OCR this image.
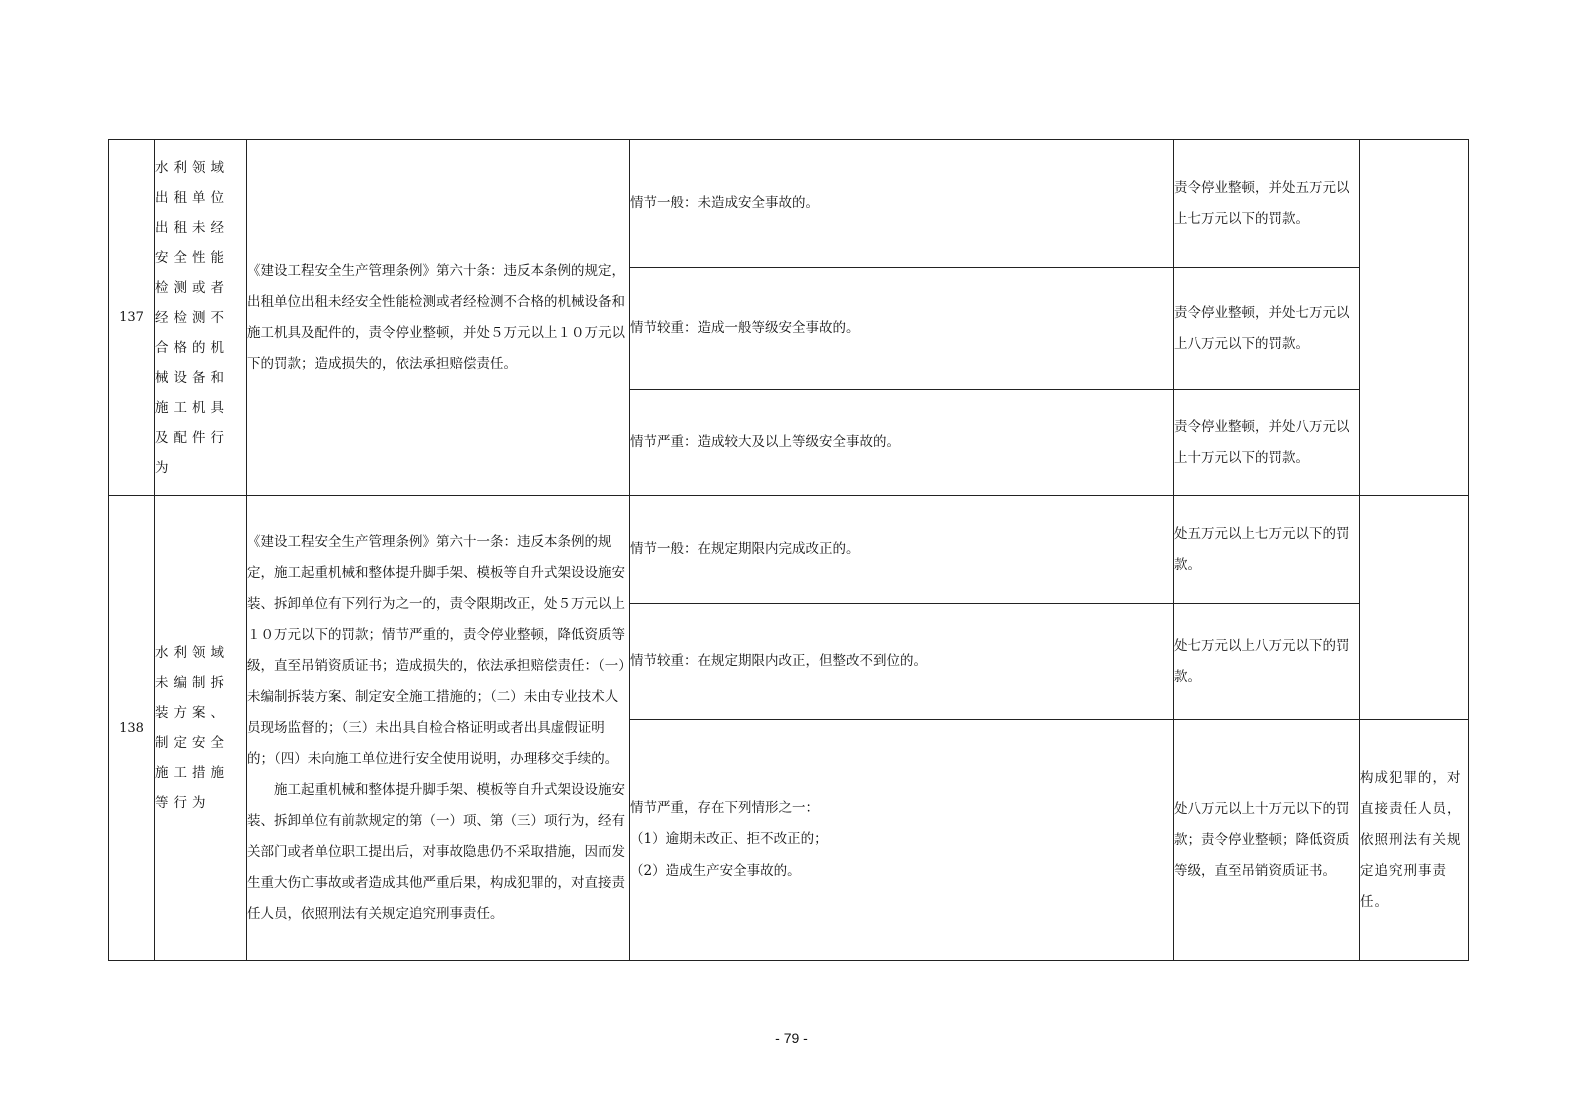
137	水利领域出租单位出租未经安全性能检测或者经检测不合格的机械设备和施工机具及配件行为	《建设工程安全生产管理条例》第六十条：违反本条例的规定，出租单位出租未经安全性能检测或者经检测不合格的机械设备和施工机具及配件的，责令停业整顿，并处５万元以上１０万元以下的罚款；造成损失的，依法承担赔偿责任。	情节一般：未造成安全事故的。	责令停业整顿，并处五万元以上七万元以下的罚款。	
			情节较重：造成一般等级安全事故的。	责令停业整顿，并处七万元以上八万元以下的罚款。	
			情节严重：造成较大及以上等级安全事故的。	责令停业整顿，并处八万元以上十万元以下的罚款。	
138	水利领域未编制拆装方案、制定安全施工措施等行为	《建设工程安全生产管理条例》第六十一条：违反本条例的规定，施工起重机械和整体提升脚手架、模板等自升式架设设施安装、拆卸单位有下列行为之一的，责令限期改正，处５万元以上１０万元以下的罚款；情节严重的，责令停业整顿，降低资质等级，直至吊销资质证书；造成损失的，依法承担赔偿责任：（一）未编制拆装方案、制定安全施工措施的；（二）未由专业技术人员现场监督的；（三）未出具自检合格证明或者出具虚假证明的；（四）未向施工单位进行安全使用说明，办理移交手续的。
施工起重机械和整体提升脚手架、模板等自升式架设设施安装、拆卸单位有前款规定的第（一）项、第（三）项行为，经有关部门或者单位职工提出后，对事故隐患仍不采取措施，因而发生重大伤亡事故或者造成其他严重后果，构成犯罪的，对直接责任人员，依照刑法有关规定追究刑事责任。	情节一般：在规定期限内完成改正的。	处五万元以上七万元以下的罚款。	
			情节较重：在规定期限内改正，但整改不到位的。	处七万元以上八万元以下的罚款。	
			情节严重，存在下列情形之一：
（1）逾期未改正、拒不改正的；
（2）造成生产安全事故的。	处八万元以上十万元以下的罚款；责令停业整顿；降低资质等级，直至吊销资质证书。	构成犯罪的，对直接责任人员，依照刑法有关规定追究刑事责任。
- 79 -
